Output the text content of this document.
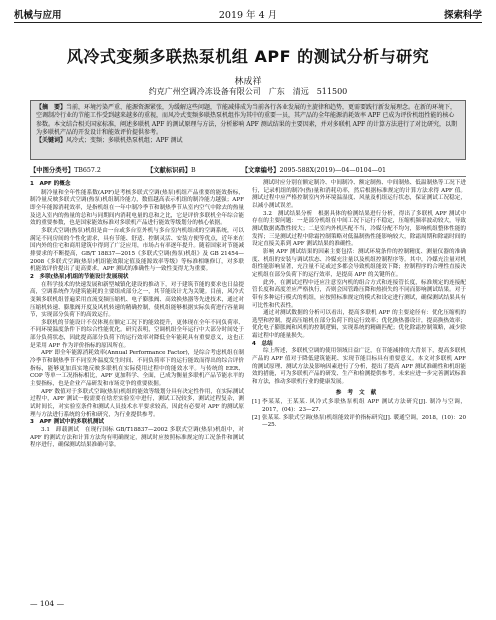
机械与应用	2019 年 4 月	探索科学
风冷式变频多联热泵机组 APF 的测试分析与研究
林成祥
约克广州空调冷冻设备有限公司　广东　清远　511500
【摘　要】当前，环境污染严重、能源资源紧张，为缓解这些问题，节能减排成为当前各行各业发展的主旋律和趋势，更需要践行新发展理念。在新的环境下，空调制冷行业的节能工作受到越来越多的重视，而风冷式变频多联热泵机组作为其中的重要一员，其产品的全年能源消耗效率 APF 已成为评价机组性能的核心参数。本文结合相关国家标准，阐述多联机 APF 的测试原理与方法，分析影响 APF 测试结果的主要因素，并对多联机 APF 的计算方法进行了对比研究，以期为多联机产品的开发设计和能效评价提供参考。
【关键词】风冷式；变频；多联机热泵机组；APF 测试
【中图分类号】TB657.2	【文献标识码】B	【文章编号】2095-588X(2019)—04—0104—01

1　APF 的概念

制冷量和全年性能系数(APF)是考核多联式空调(热泵)机组产品重要的能效指标，制冷量反映多联式空调(热泵)机组制冷能力，数值越高表示机组的制冷能力越强；APF 即全年能源消耗效率，是指机组在一年中制冷季节和制热季节从室内空气中除去的热量及送入室内的热量的总和与同期间内消耗电量的总和之比，它是评价多联机全年综合能效的重要参数，也是国家能效标准对多联机产品进行能效等级划分的核心依据。

多联式空调(热泵)机组是由一台或多台室外机与多台室内机组成的空调系统，可以满足不同房间的个性化需求，具有节能、舒适、控制灵活、安装方便等优点，近年来在国内外的住宅和商用建筑中得到了广泛应用，市场占有率逐年提升。随着国家对节能减排要求的不断提高，GB/T 18837—2015《多联式空调(热泵)机组》及 GB 21454—2008《多联式空调(热泵)机组能效限定值及能源效率等级》等标准相继修订，对多联机能效评价提出了更高要求，APF 测试的准确性与一致性变得尤为重要。

2　多联(热泵)机组的节能设计发展现状

在科学技术的快速发展和新型城镇化建设的推动下，对于建筑节能的要求也日益提高，空调系统作为建筑能耗的主要组成部分之一，其节能设计尤为关键。目前，风冷式变频多联机组普遍采用直流变频压缩机、电子膨胀阀、高效换热器等先进技术，通过对压缩机转速、膨胀阀开度及风机转速的精确控制，使机组能够根据实际负荷进行容量调节，实现部分负荷下的高效运行。

多联机的节能设计不仅体现在额定工况下的能效提升，更体现在全年不同负荷率、不同环境温度条件下的综合性能优化。研究表明，空调机组全年运行中大部分时间处于部分负荷状态，因此提高部分负荷下的运行效率对降低全年能耗具有重要意义，这也正是采用 APF 作为评价指标的原因所在。

APF 即全年能源消耗效率(Annual Performance Factor)，是综合考虑机组在制冷季节和制热季节不同室外温度发生时间、不同负荷率下的运行能效而得出的综合评价指标，能够更加真实地反映多联机在实际使用过程中的能效水平。与传统的 EER、COP 等单一工况指标相比，APF 更加科学、全面，已成为衡量多联机产品节能水平的主要指标，也是企业产品研发和市场竞争的重要依据。

APF 数值对于多联式空调(热泵)机组的能效等级划分具有决定性作用，在实际测试过程中，APF 测试一般需要在焓差实验室中进行，测试工况较多，测试过程复杂，测试时间长，对实验室条件和测试人员技术水平要求较高，因此有必要对 APF 的测试原理与方法进行系统的分析和研究，为行业提供参考。

3　APF 测试中的多联机测试

3.1　卸载测试　在现行国标 GB/T18837—2002 多联式空调(热泵)机组中，对 APF 的测试方法和计算方法均有明确规定，测试时应按照标准规定的工况条件和测试程序进行，确保测试结果准确可靠。

测试时应分别在额定制冷、中间制冷、额定制热、中间制热、低温制热等工况下进行，记录机组的制冷(热)量和消耗功率，然后根据标准规定的计算方法求得 APF 值。测试过程中应严格控制室内外环境温湿度、风量及机组运行状态，保证测试工况稳定，以减小测试误差。

3.2　测试结果分析　根据具体的检测结果进行分析，得出了多联机 APF 测试中存在的主要问题：一是部分机组在中间工况下运行不稳定，压缩机频率波动较大，导致测试数据离散性较大；二是室内外机匹配不当，冷媒分配不均匀，影响机组整体性能的发挥；三是测试过程中除霜控制策略对低温制热性能影响较大，除霜周期和除霜时间的设定直接关系到 APF 测试结果的准确性。

影响 APF 测试结果的因素主要包括：测试环境条件的控制精度、测量仪器的准确度、机组的安装与调试状态、冷媒充注量以及机组控制程序等。其中，冷媒充注量对机组性能影响显著，充注量不足或过多都会导致机组能效下降；控制程序的合理性直接决定机组在部分负荷下的运行效率，是提高 APF 的关键所在。

此外，在测试过程中还应注意室内机的组合方式和连接管长度，标准规定的连接配管长度和高度差应严格执行，否则会因管路压降和热损失的不同而影响测试结果。对于带有多种运行模式的机组，应按照标准规定的模式和设定进行测试，确保测试结果具有可比性和代表性。

通过对测试数据的分析可以看出，提高多联机 APF 的主要途径有：优化压缩机的选型和控制，提高压缩机在部分负荷下的运行效率；优化换热器设计，提高换热效率；优化电子膨胀阀和风机的控制逻辑，实现系统的精确匹配；优化除霜控制策略，减少除霜过程中的能量损失。

4　总结

综上所述，多联机空调的使用领域日益广泛，在节能减排的大背景下，提高多联机产品的 APF 值对于降低建筑能耗、实现节能目标具有重要意义。本文对多联机 APF 的测试原理、测试方法及影响因素进行了分析，提出了提高 APF 测试准确性和机组能效的措施，可为多联机产品的研发、生产和检测提供参考。未来应进一步完善测试标准和方法，推动多联机行业的健康发展。

参考文献

[1] 李某某，王某某. 风冷式多联热泵机组 APF 测试方法研究[J]. 制冷与空调，2017，(04)：23—27.

[2] 张某某. 多联式空调(热泵)机组能效评价指标研究[J]. 暖通空调，2018，(10)：20—25.

— 104 —
